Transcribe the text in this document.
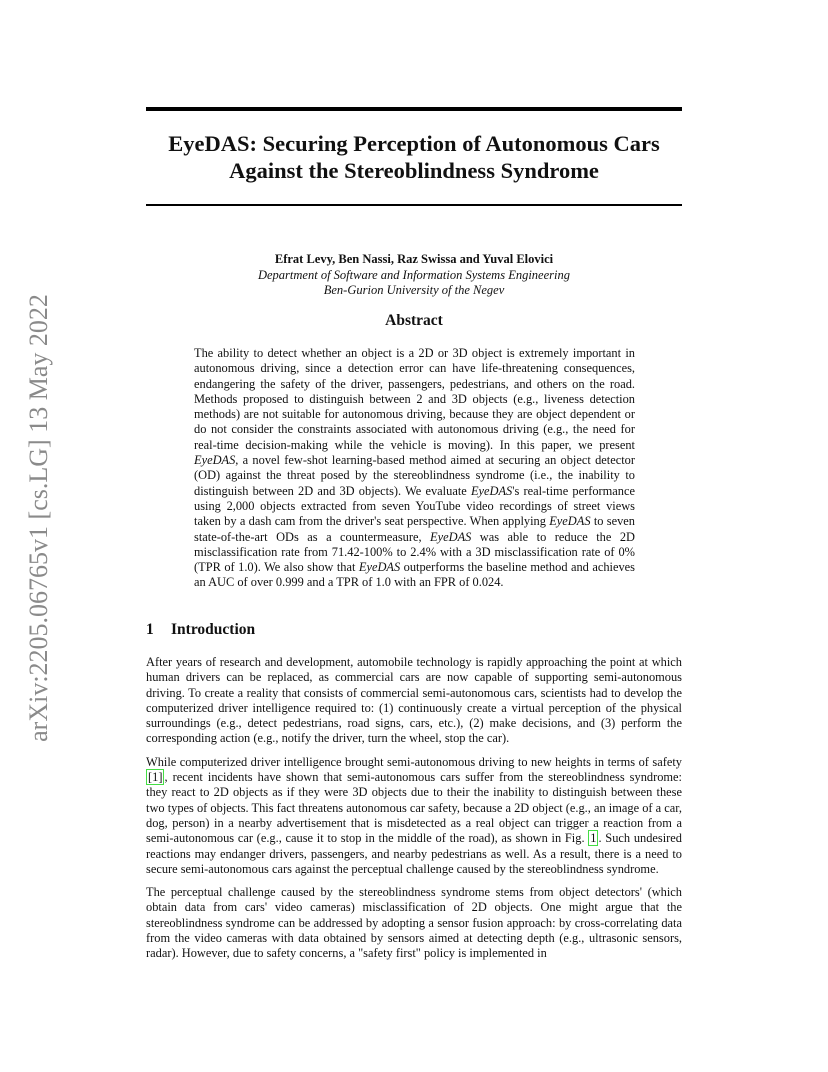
arXiv:2205.06765v1 [cs.LG] 13 May 2022
EyeDAS: Securing Perception of Autonomous Cars
Against the Stereoblindness Syndrome
Efrat Levy, Ben Nassi, Raz Swissa and Yuval Elovici
Department of Software and Information Systems Engineering
Ben-Gurion University of the Negev
Abstract
The ability to detect whether an object is a 2D or 3D object is extremely important in autonomous driving, since a detection error can have life-threatening consequences, endangering the safety of the driver, passengers, pedestrians, and others on the road. Methods proposed to distinguish between 2 and 3D objects (e.g., liveness detection methods) are not suitable for autonomous driving, because they are object dependent or do not consider the constraints associated with autonomous driving (e.g., the need for real-time decision-making while the vehicle is moving). In this paper, we present EyeDAS, a novel few-shot learning-based method aimed at securing an object detector (OD) against the threat posed by the stereoblindness syndrome (i.e., the inability to distinguish between 2D and 3D objects). We evaluate EyeDAS's real-time performance using 2,000 objects extracted from seven YouTube video recordings of street views taken by a dash cam from the driver's seat perspective. When applying EyeDAS to seven state-of-the-art ODs as a countermeasure, EyeDAS was able to reduce the 2D misclassification rate from 71.42-100% to 2.4% with a 3D misclassification rate of 0% (TPR of 1.0). We also show that EyeDAS outperforms the baseline method and achieves an AUC of over 0.999 and a TPR of 1.0 with an FPR of 0.024.
1 Introduction

After years of research and development, automobile technology is rapidly approaching the point at which human drivers can be replaced, as commercial cars are now capable of supporting semi-autonomous driving. To create a reality that consists of commercial semi-autonomous cars, scientists had to develop the computerized driver intelligence required to: (1) continuously create a virtual perception of the physical surroundings (e.g., detect pedestrians, road signs, cars, etc.), (2) make decisions, and (3) perform the corresponding action (e.g., notify the driver, turn the wheel, stop the car).

While computerized driver intelligence brought semi-autonomous driving to new heights in terms of safety [1] , recent incidents have shown that semi-autonomous cars suffer from the stereoblindness syndrome: they react to 2D objects as if they were 3D objects due to their the inability to distinguish between these two types of objects. This fact threatens autonomous car safety, because a 2D object (e.g., an image of a car, dog, person) in a nearby advertisement that is misdetected as a real object can trigger a reaction from a semi-autonomous car (e.g., cause it to stop in the middle of the road), as shown in Fig. 1 . Such undesired reactions may endanger drivers, passengers, and nearby pedestrians as well. As a result, there is a need to secure semi-autonomous cars against the perceptual challenge caused by the stereoblindness syndrome.

The perceptual challenge caused by the stereoblindness syndrome stems from object detectors' (which obtain data from cars' video cameras) misclassification of 2D objects. One might argue that the stereoblindness syndrome can be addressed by adopting a sensor fusion approach: by cross-correlating data from the video cameras with data obtained by sensors aimed at detecting depth (e.g., ultrasonic sensors, radar). However, due to safety concerns, a "safety first" policy is implemented in
